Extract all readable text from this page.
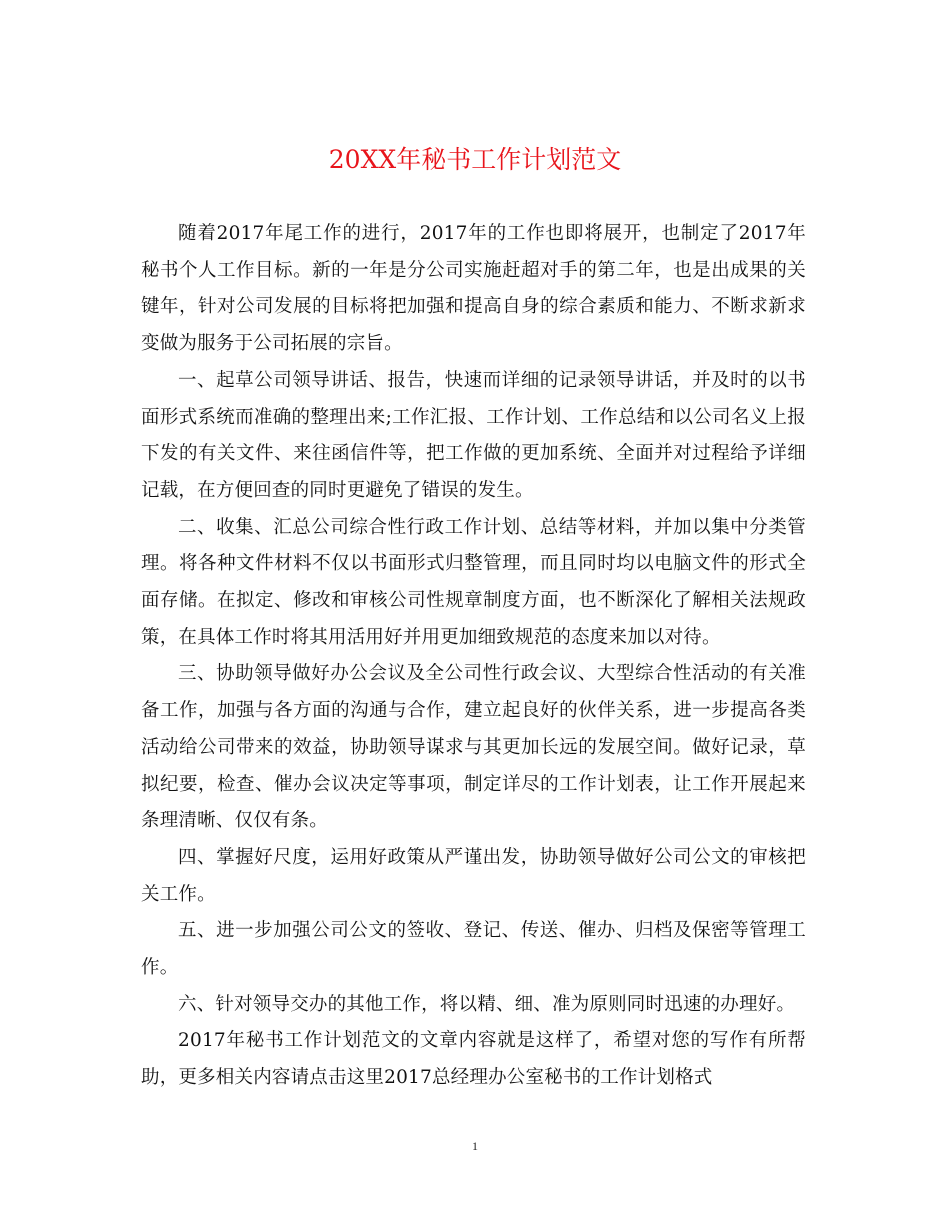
20XX年秘书工作计划范文

随着2017年尾工作的进行，2017年的工作也即将展开，也制定了2017年秘书个人工作目标。新的一年是分公司实施赶超对手的第二年，也是出成果的关键年，针对公司发展的目标将把加强和提高自身的综合素质和能力、不断求新求变做为服务于公司拓展的宗旨。

一、起草公司领导讲话、报告，快速而详细的记录领导讲话，并及时的以书面形式系统而准确的整理出来;工作汇报、工作计划、工作总结和以公司名义上报下发的有关文件、来往函信件等，把工作做的更加系统、全面并对过程给予详细记载，在方便回查的同时更避免了错误的发生。

二、收集、汇总公司综合性行政工作计划、总结等材料，并加以集中分类管理。将各种文件材料不仅以书面形式归整管理，而且同时均以电脑文件的形式全面存储。在拟定、修改和审核公司性规章制度方面，也不断深化了解相关法规政策，在具体工作时将其用活用好并用更加细致规范的态度来加以对待。

三、协助领导做好办公会议及全公司性行政会议、大型综合性活动的有关准备工作，加强与各方面的沟通与合作，建立起良好的伙伴关系，进一步提高各类活动给公司带来的效益，协助领导谋求与其更加长远的发展空间。做好记录，草拟纪要，检查、催办会议决定等事项，制定详尽的工作计划表，让工作开展起来条理清晰、仅仅有条。

四、掌握好尺度，运用好政策从严谨出发，协助领导做好公司公文的审核把关工作。

五、进一步加强公司公文的签收、登记、传送、催办、归档及保密等管理工作。

六、针对领导交办的其他工作，将以精、细、准为原则同时迅速的办理好。

2017年秘书工作计划范文的文章内容就是这样了，希望对您的写作有所帮助，更多相关内容请点击这里2017总经理办公室秘书的工作计划格式

1
